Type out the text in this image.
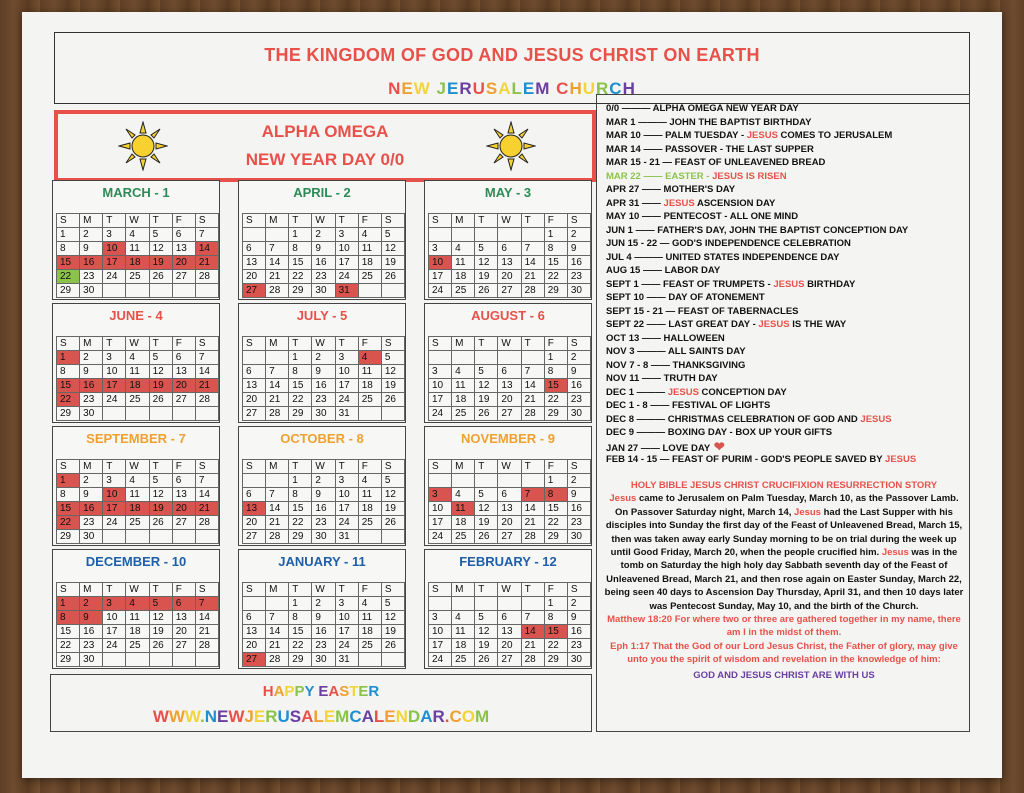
THE KINGDOM OF GOD AND JESUS CHRIST ON EARTH
NEW JERUSALEM CHURCH
ALPHA OMEGA
NEW YEAR DAY 0/0
MARCH - 1
S	M	T	W	T	F	S
1	2	3	4	5	6	7
8	9	10	11	12	13	14
15	16	17	18	19	20	21
22	23	24	25	26	27	28
29	30					
APRIL - 2
S	M	T	W	T	F	S
		1	2	3	4	5
6	7	8	9	10	11	12
13	14	15	16	17	18	19
20	21	22	23	24	25	26
27	28	29	30	31		
MAY - 3
S	M	T	W	T	F	S
					1	2
3	4	5	6	7	8	9
10	11	12	13	14	15	16
17	18	19	20	21	22	23
24	25	26	27	28	29	30
JUNE - 4
S	M	T	W	T	F	S
1	2	3	4	5	6	7
8	9	10	11	12	13	14
15	16	17	18	19	20	21
22	23	24	25	26	27	28
29	30					
JULY - 5
S	M	T	W	T	F	S
		1	2	3	4	5
6	7	8	9	10	11	12
13	14	15	16	17	18	19
20	21	22	23	24	25	26
27	28	29	30	31		
AUGUST - 6
S	M	T	W	T	F	S
					1	2
3	4	5	6	7	8	9
10	11	12	13	14	15	16
17	18	19	20	21	22	23
24	25	26	27	28	29	30
SEPTEMBER - 7
S	M	T	W	T	F	S
1	2	3	4	5	6	7
8	9	10	11	12	13	14
15	16	17	18	19	20	21
22	23	24	25	26	27	28
29	30					
OCTOBER - 8
S	M	T	W	T	F	S
		1	2	3	4	5
6	7	8	9	10	11	12
13	14	15	16	17	18	19
20	21	22	23	24	25	26
27	28	29	30	31		
NOVEMBER - 9
S	M	T	W	T	F	S
					1	2
3	4	5	6	7	8	9
10	11	12	13	14	15	16
17	18	19	20	21	22	23
24	25	26	27	28	29	30
DECEMBER - 10
S	M	T	W	T	F	S
1	2	3	4	5	6	7
8	9	10	11	12	13	14
15	16	17	18	19	20	21
22	23	24	25	26	27	28
29	30					
JANUARY - 11
S	M	T	W	T	F	S
		1	2	3	4	5
6	7	8	9	10	11	12
13	14	15	16	17	18	19
20	21	22	23	24	25	26
27	28	29	30	31		
FEBRUARY - 12
S	M	T	W	T	F	S
					1	2
3	4	5	6	7	8	9
10	11	12	13	14	15	16
17	18	19	20	21	22	23
24	25	26	27	28	29	30
HAPPY EASTER
WWW.NEWJERUSALEMCALENDAR.COM
0/0 ——— ALPHA OMEGA NEW YEAR DAY
MAR 1 ——— JOHN THE BAPTIST BIRTHDAY
MAR 10 —— PALM TUESDAY - JESUS COMES TO JERUSALEM
MAR 14 —— PASSOVER - THE LAST SUPPER
MAR 15 - 21 — FEAST OF UNLEAVENED BREAD
MAR 22 —— EASTER - JESUS IS RISEN
APR 27 —— MOTHER'S DAY
APR 31 —— JESUS ASCENSION DAY
MAY 10 —— PENTECOST - ALL ONE MIND
JUN 1 —— FATHER'S DAY, JOHN THE BAPTIST CONCEPTION DAY
JUN 15 - 22 — GOD'S INDEPENDENCE CELEBRATION
JUL 4 ——— UNITED STATES INDEPENDENCE DAY
AUG 15 —— LABOR DAY
SEPT 1 —— FEAST OF TRUMPETS - JESUS BIRTHDAY
SEPT 10 —— DAY OF ATONEMENT
SEPT 15 - 21 — FEAST OF TABERNACLES
SEPT 22 —— LAST GREAT DAY - JESUS IS THE WAY
OCT 13 —— HALLOWEEN
NOV 3 ——— ALL SAINTS DAY
NOV 7 - 8 —— THANKSGIVING
NOV 11 —— TRUTH DAY
DEC 1 ——— JESUS CONCEPTION DAY
DEC 1 - 8 —— FESTIVAL OF LIGHTS
DEC 8 ——— CHRISTMAS CELEBRATION OF GOD AND JESUS
DEC 9 ——— BOXING DAY - BOX UP YOUR GIFTS
JAN 27 —— LOVE DAY ❤
FEB 14 - 15 — FEAST OF PURIM - GOD'S PEOPLE SAVED BY JESUS
HOLY BIBLE JESUS CHRIST CRUCIFIXION RESURRECTION STORY
Jesus came to Jerusalem on Palm Tuesday, March 10, as the Passover Lamb. On Passover Saturday night, March 14, Jesus had the Last Supper with his disciples into Sunday the first day of the Feast of Unleavened Bread, March 15, then was taken away early Sunday morning to be on trial during the week up until Good Friday, March 20, when the people crucified him. Jesus was in the tomb on Saturday the high holy day Sabbath seventh day of the Feast of Unleavened Bread, March 21, and then rose again on Easter Sunday, March 22, being seen 40 days to Ascension Day Thursday, April 31, and then 10 days later was Pentecost Sunday, May 10, and the birth of the Church.
Matthew 18:20 For where two or three are gathered together in my name, there am I in the midst of them.
Eph 1:17 That the God of our Lord Jesus Christ, the Father of glory, may give unto you the spirit of wisdom and revelation in the knowledge of him:
GOD AND JESUS CHRIST ARE WITH US
